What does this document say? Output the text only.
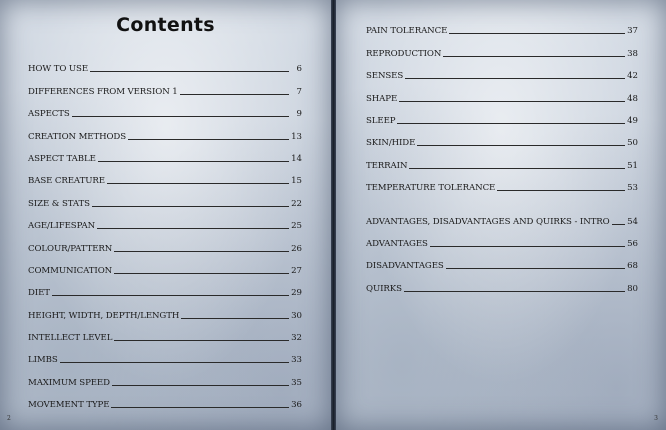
Contents
HOW TO USE	6
DIFFERENCES FROM VERSION 1	7
ASPECTS	9
CREATION METHODS	13
ASPECT TABLE	14
BASE CREATURE	15
SIZE & STATS	22
AGE/LIFESPAN	25
COLOUR/PATTERN	26
COMMUNICATION	27
DIET	29
HEIGHT, WIDTH, DEPTH/LENGTH	30
INTELLECT LEVEL	32
LIMBS	33
MAXIMUM SPEED	35
MOVEMENT TYPE	36
2
PAIN TOLERANCE	37
REPRODUCTION	38
SENSES	42
SHAPE	48
SLEEP	49
SKIN/HIDE	50
TERRAIN	51
TEMPERATURE TOLERANCE	53
ADVANTAGES, DISADVANTAGES AND QUIRKS - INTRO 54
ADVANTAGES	56
DISADVANTAGES	68
QUIRKS	80
3
